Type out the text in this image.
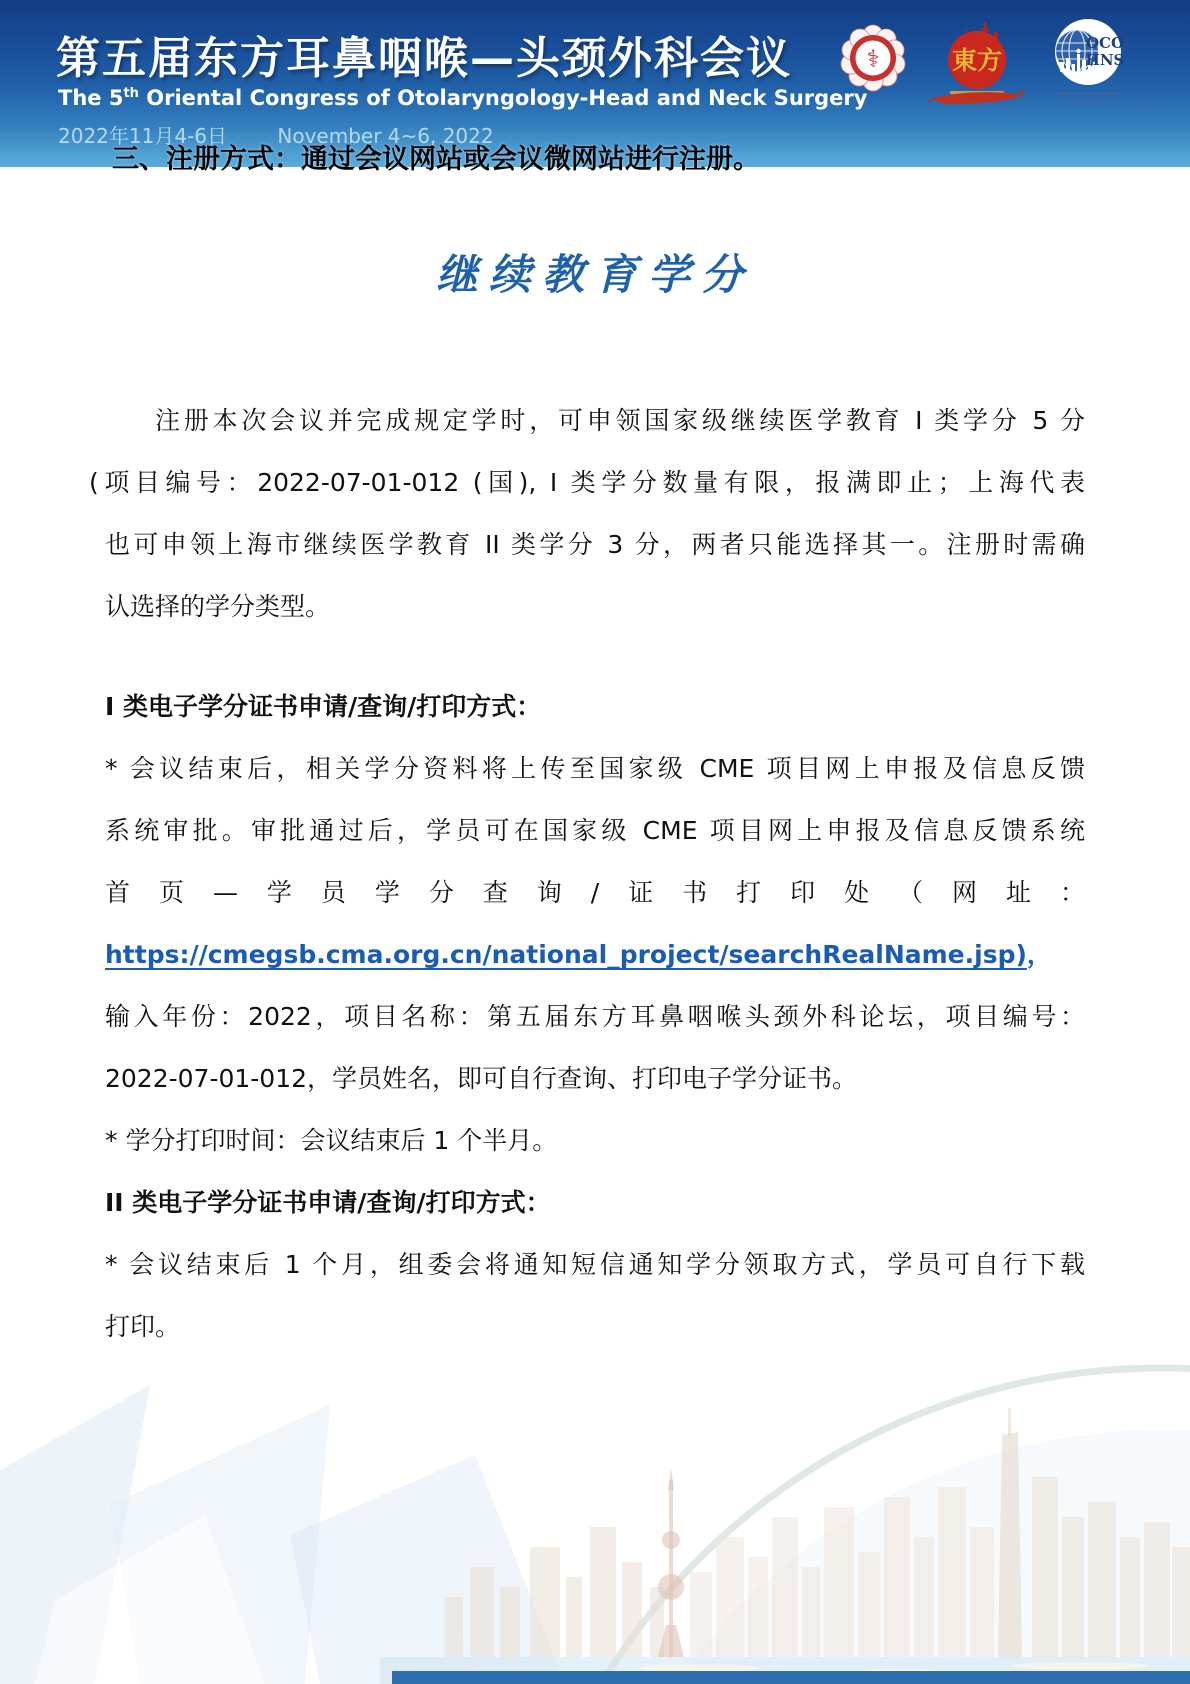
第五届东方耳鼻咽喉—头颈外科会议
The 5th Oriental Congress of Otolaryngology-Head and Neck Surgery
2022年11月4-6日	November 4~6, 2022
⚕	東方
OCO
HNS
三、注册方式：通过会议网站或会议微网站进行注册。
继续教育学分
注册本次会议并完成规定学时，可申领国家级继续医学教育 I 类学分 5 分
(项目编号：2022-07-01-012 (国), I 类学分数量有限，报满即止；上海代表
也可申领上海市继续医学教育 II 类学分 3 分，两者只能选择其一。注册时需确
认选择的学分类型。
I 类电子学分证书申请/查询/打印方式：
* 会议结束后，相关学分资料将上传至国家级 CME 项目网上申报及信息反馈
系统审批。审批通过后，学员可在国家级 CME 项目网上申报及信息反馈系统
首页—学员学分查询/证书打印处（网址：
https://cmegsb.cma.org.cn/national_project/searchRealName.jsp)，
输入年份：2022，项目名称：第五届东方耳鼻咽喉头颈外科论坛，项目编号：
2022-07-01-012，学员姓名，即可自行查询、打印电子学分证书。
* 学分打印时间：会议结束后 1 个半月。
II 类电子学分证书申请/查询/打印方式：
* 会议结束后 1 个月，组委会将通知短信通知学分领取方式，学员可自行下载
打印。
